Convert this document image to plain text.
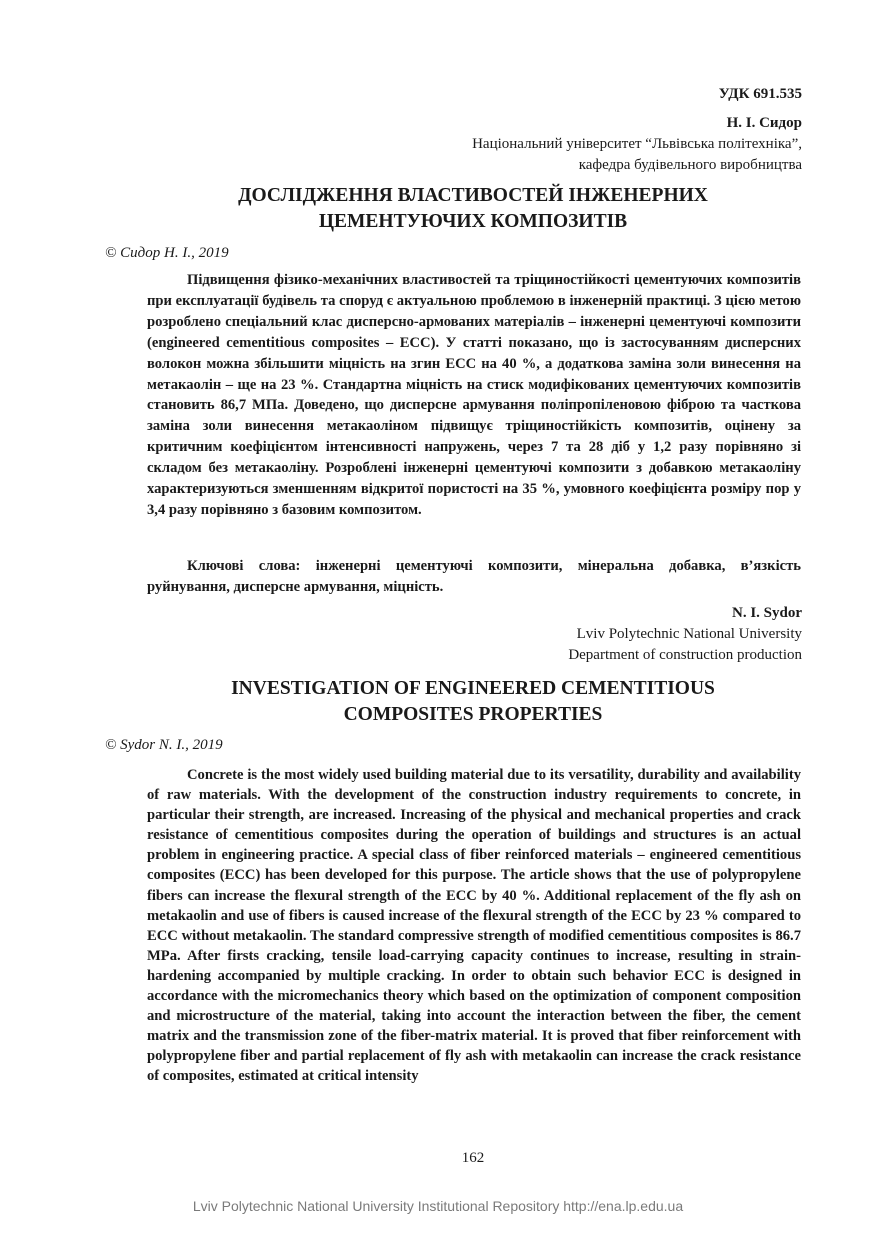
УДК 691.535
Н. І. Сидор
Національний університет “Львівська політехніка”,
кафедра будівельного виробництва
ДОСЛІДЖЕННЯ ВЛАСТИВОСТЕЙ ІНЖЕНЕРНИХ
ЦЕМЕНТУЮЧИХ КОМПОЗИТІВ
© Сидор Н. І., 2019

Підвищення фізико-механічних властивостей та тріщиностійкості цементуючих композитів при експлуатації будівель та споруд є актуальною проблемою в інженерній практиці. З цією метою розроблено спеціальний клас дисперсно-армованих матеріалів – інженерні цементуючі композити (engineered cementitious composites – ECC). У статті показано, що із застосуванням дисперсних волокон можна збільшити міцність на згин ECC на 40 %, а додаткова заміна золи винесення на метакаолін – ще на 23 %. Стандартна міцність на стиск модифікованих цементуючих композитів становить 86,7 МПа. Доведено, що дисперсне армування поліпропіленовою фіброю та часткова заміна золи винесення метакаоліном підвищує тріщиностійкість композитів, оцінену за критичним коефіцієнтом інтенсивності напружень, через 7 та 28 діб у 1,2 разу порівняно зі складом без метакаоліну. Розроблені інженерні цементуючі композити з добавкою метакаоліну характеризуються зменшенням відкритої пористості на 35 %, умовного коефіцієнта розміру пор у 3,4 разу порівняно з базовим композитом.

Ключові слова: інженерні цементуючі композити, мінеральна добавка, в’язкість руйнування, дисперсне армування, міцність.

N. I. Sydor
Lviv Polytechnic National University
Department of construction production
INVESTIGATION OF ENGINEERED CEMENTITIOUS
COMPOSITES PROPERTIES
© Sydor N. I., 2019

Concrete is the most widely used building material due to its versatility, durability and availability of raw materials. With the development of the construction industry requirements to concrete, in particular their strength, are increased. Increasing of the physical and mechanical properties and crack resistance of cementitious composites during the operation of buildings and structures is an actual problem in engineering practice. A special class of fiber reinforced materials – engineered cementitious composites (ECC) has been developed for this purpose. The article shows that the use of polypropylene fibers can increase the flexural strength of the ECC by 40 %. Additional replacement of the fly ash on metakaolin and use of fibers is caused increase of the flexural strength of the ECC by 23 % compared to ECC without metakaolin. The standard compressive strength of modified cementitious composites is 86.7 MPa. After firsts cracking, tensile load-carrying capacity continues to increase, resulting in strain-hardening accompanied by multiple cracking. In order to obtain such behavior ECC is designed in accordance with the micromechanics theory which based on the optimization of component composition and microstructure of the material, taking into account the interaction between the fiber, the cement matrix and the transmission zone of the fiber-matrix material. It is proved that fiber reinforcement with polypropylene fiber and partial replacement of fly ash with metakaolin can increase the crack resistance of composites, estimated at critical intensity

162
Lviv Polytechnic National University Institutional Repository http://ena.lp.edu.ua
